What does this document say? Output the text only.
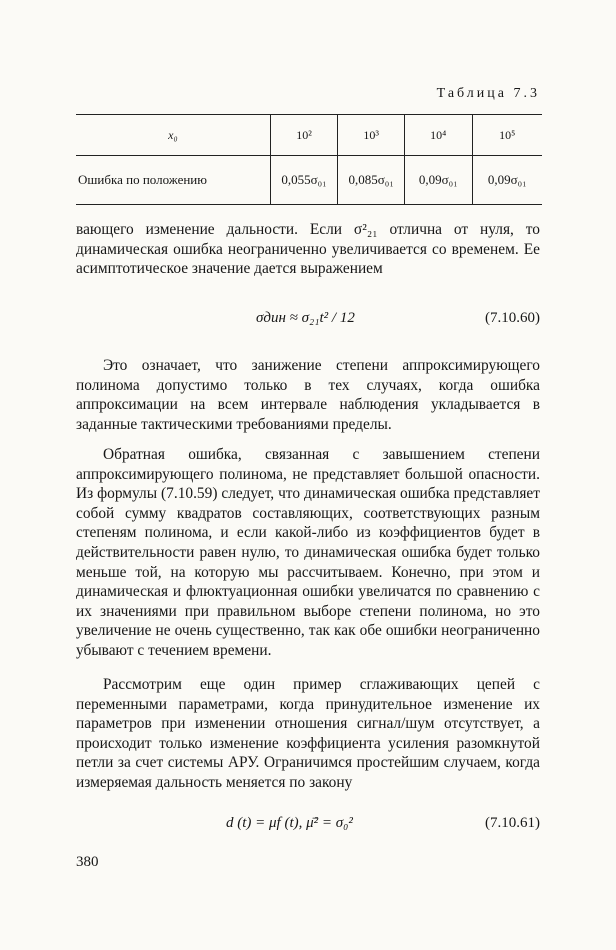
Таблица 7.3
x₀	10²	10³	10⁴	10⁵
Ошибка по положению	0,055σ₀₁	0,085σ₀₁	0,09σ₀₁	0,09σ₀₁

вающего изменение дальности. Если σ²₂₁ отлична от нуля, то динамическая ошибка неограниченно увеличивается со временем. Ее асимптотическое значение дается выражением

σдин ≈ σ₂₁t² / 12	(7.10.60)

Это означает, что занижение степени аппроксимирующего полинома допустимо только в тех случаях, когда ошибка аппроксимации на всем интервале наблюдения укладывается в заданные тактическими требованиями пределы.

Обратная ошибка, связанная с завышением степени аппроксимирующего полинома, не представляет большой опасности. Из формулы (7.10.59) следует, что динамическая ошибка представляет собой сумму квадратов составляющих, соответствующих разным степеням полинома, и если какой-либо из коэффициентов будет в действительности равен нулю, то динамическая ошибка будет только меньше той, на которую мы рассчитываем. Конечно, при этом и динамическая и флюктуационная ошибки увеличатся по сравнению с их значениями при правильном выборе степени полинома, но это увеличение не очень существенно, так как обе ошибки неограниченно убывают с течением времени.

Рассмотрим еще один пример сглаживающих цепей с переменными параметрами, когда принудительное изменение их параметров при изменении отношения сигнал/шум отсутствует, а происходит только изменение коэффициента усиления разомкнутой петли за счет системы АРУ. Ограничимся простейшим случаем, когда измеряемая дальность меняется по закону

d (t) = μf (t), μ̄² = σ₀²	(7.10.61)
380
